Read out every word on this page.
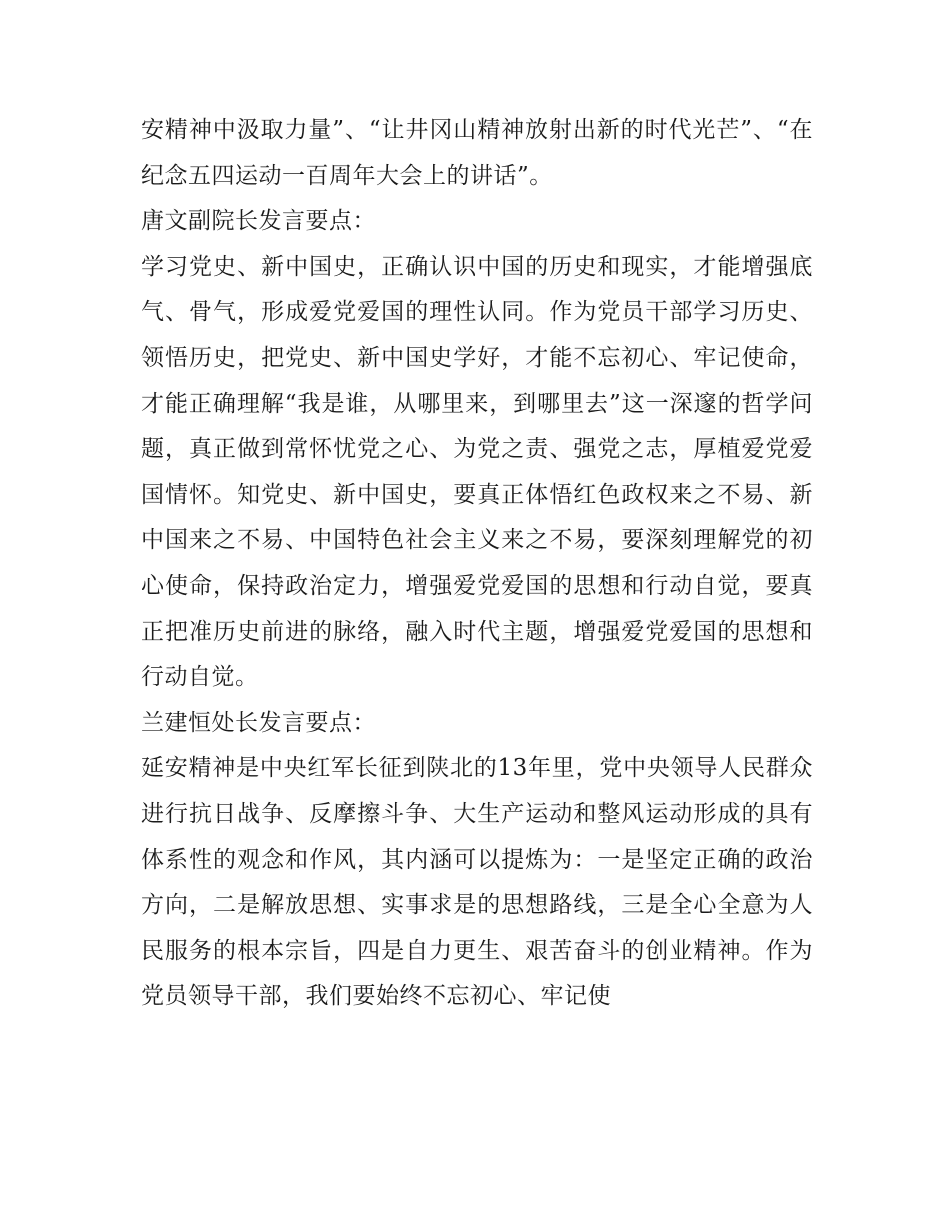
安精神中汲取力量”、“让井冈山精神放射出新的时代光芒”、“在纪念五四运动一百周年大会上的讲话”。

唐文副院长发言要点：

学习党史、新中国史，正确认识中国的历史和现实，才能增强底气、骨气，形成爱党爱国的理性认同。作为党员干部学习历史、领悟历史，把党史、新中国史学好，才能不忘初心、牢记使命，才能正确理解“我是谁，从哪里来，到哪里去”这一深邃的哲学问题，真正做到常怀忧党之心、为党之责、强党之志，厚植爱党爱国情怀。知党史、新中国史，要真正体悟红色政权来之不易、新中国来之不易、中国特色社会主义来之不易，要深刻理解党的初心使命，保持政治定力，增强爱党爱国的思想和行动自觉，要真正把准历史前进的脉络，融入时代主题，增强爱党爱国的思想和行动自觉。

兰建恒处长发言要点：

延安精神是中央红军长征到陕北的13年里，党中央领导人民群众进行抗日战争、反摩擦斗争、大生产运动和整风运动形成的具有体系性的观念和作风，其内涵可以提炼为：一是坚定正确的政治方向，二是解放思想、实事求是的思想路线，三是全心全意为人民服务的根本宗旨，四是自力更生、艰苦奋斗的创业精神。作为党员领导干部，我们要始终不忘初心、牢记使
